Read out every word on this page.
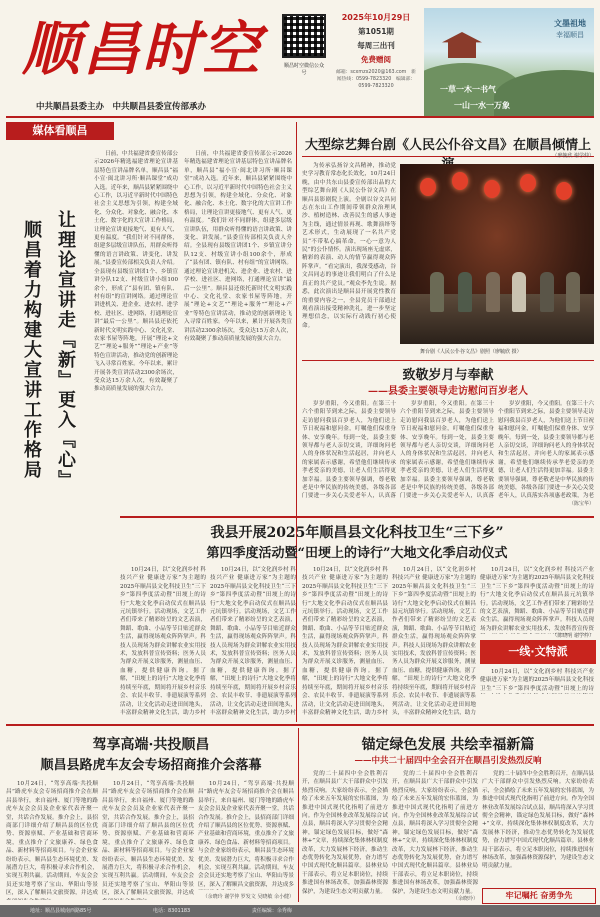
顺昌时空
中共顺昌县委主办　中共顺昌县委宣传部承办
顺昌时空微信公众号
2025年10月29日
第1051期
每周三出刊
免费赠阅
邮箱：scxmzx2020@163.com　新闻热线：0599-7823320　编辑部：0599-7823320
文墨祖地
幸福顺昌
一草一木一书气
一山一水一万象
媒体看顺昌
让理论宣讲走『新』更入『心』
顺昌着力构建大宣讲工作格局

日前，中共福建省委宣传部公示2026年精选福建省理论宣讲基层特色宣讲品牌名单，顺昌县“福小宣·闽北讲习所·顺昌课堂”成功入选。近年来，顺昌县紧紧围绕中心工作，以习近平新时代中国特色社会主义思想为引领，构建全域化、分众化、对象化、融合化、本土化、数字化的大宣讲工作格局，让理论宣讲更接地气、更有人气、更有温度。“我们针对不同群体，组建多层级宣讲队伍，用群众听得懂的语言讲政策、讲变化、讲发展。”县委宣传部相关负责人介绍。全县现有县级宣讲团1个、乡镇宣讲分队12支、村级宣讲小组100余个，形成了“县有团、镇有队、村有组”的宣讲网络。通过理论宣讲进机关、进企业、进农村、进学校、进社区、进网络，打通理论宣讲“最后一公里”。顺昌县还依托新时代文明实践中心、文化礼堂、农家书屋等阵地，开展“理论+文艺”“理论+服务”“理论+产业”等特色宣讲活动，推动党的创新理论飞入寻常百姓家。今年以来，累计开展各类宣讲活动2300余场次，受众达15万余人次，有效凝聚了推动高质量发展的强大合力。

日前，中共福建省委宣传部公示2026年精选福建省理论宣讲基层特色宣讲品牌名单，顺昌县“福小宣·闽北讲习所·顺昌课堂”成功入选。近年来，顺昌县紧紧围绕中心工作，以习近平新时代中国特色社会主义思想为引领，构建全域化、分众化、对象化、融合化、本土化、数字化的大宣讲工作格局，让理论宣讲更接地气、更有人气、更有温度。“我们针对不同群体，组建多层级宣讲队伍，用群众听得懂的语言讲政策、讲变化、讲发展。”县委宣传部相关负责人介绍。全县现有县级宣讲团1个、乡镇宣讲分队12支、村级宣讲小组100余个，形成了“县有团、镇有队、村有组”的宣讲网络。通过理论宣讲进机关、进企业、进农村、进学校、进社区、进网络，打通理论宣讲“最后一公里”。顺昌县还依托新时代文明实践中心、文化礼堂、农家书屋等阵地，开展“理论+文艺”“理论+服务”“理论+产业”等特色宣讲活动，推动党的创新理论飞入寻常百姓家。今年以来，累计开展各类宣讲活动2300余场次，受众达15万余人次，有效凝聚了推动高质量发展的强大合力。

大型综艺舞台剧《人民公仆谷文昌》在顺昌倾情上

为传承弘扬谷文昌精神，推动党史学习教育常态化长效化，10月24日晚，由中共东山县委宣传部出品的大型综艺舞台剧《人民公仆谷文昌》在顺昌县影剧院上演。全剧以谷文昌同志在东山工作期间带领群众治理风沙、植树造林、改善民生的感人事迹为主线，通过情景再现、歌舞演绎等艺术形式，生动展现了一名共产党员“不带私心搞革命，一心一意为人民”的公仆情怀。演出现场座无虚席，精彩的表演、动人的情节赢得观众阵阵掌声。“看完演出，我深受感动，谷文昌同志的事迹让我们明白了什么是真正的共产党员。”观众李先生说。据悉，此次演出是顺昌县开展党性教育的重要内容之一，全县党员干部通过观看演出接受精神洗礼，进一步坚定理想信念，以实际行动践行初心使命。

舞台剧《人民公仆谷文昌》剧照（廖毓欣 摄）
（廖毓欣 谢学仲）
致敬岁月与奉献
——县委主要领导走访慰问百岁老人

岁岁重阳，今又重阳。在第三十六个重阳节到来之际，县委主要领导走访慰问我县百岁老人，为他们送上节日祝福和慰问金，叮嘱他们保重身体、安享晚年。每到一处，县委主要领导都与老人亲切交谈，详细询问老人的身体状况和生活起居，并向老人的家属表示感谢，希望他们继续传承孝老爱亲的美德，让老人们生活得更加幸福。县委主要领导强调，尊老敬老是中华民族的传统美德，各级各部门要进一步关心关爱老年人，认真落

岁岁重阳，今又重阳。在第三十六个重阳节到来之际，县委主要领导走访慰问我县百岁老人，为他们送上节日祝福和慰问金，叮嘱他们保重身体、安享晚年。每到一处，县委主要领导都与老人亲切交谈，详细询问老人的身体状况和生活起居，并向老人的家属表示感谢，希望他们继续传承孝老爱亲的美德，让老人们生活得更加幸福。县委主要领导强调，尊老敬老是中华民族的传统美德，各级各部门要进一步关心关爱老年人，认真落

岁岁重阳，今又重阳。在第三十六个重阳节到来之际，县委主要领导走访慰问我县百岁老人，为他们送上节日祝福和慰问金，叮嘱他们保重身体、安享晚年。每到一处，县委主要领导都与老人亲切交谈，详细询问老人的身体状况和生活起居，并向老人的家属表示感谢，希望他们继续传承孝老爱亲的美德，让老人们生活得更加幸福。县委主要领导强调，尊老敬老是中华民族的传统美德，各级各部门要进一步关心关爱老年人，认真落实各项惠老政策，为老

（陈宝华）
我县开展2025年顺昌县文化科技卫生“三下乡”
第四季度活动暨“田埂上的诗行”大地文化季启动仪式

10月24日，以“文化润乡村 科技兴产业 健康进万家”为主题的2025年顺昌县文化科技卫生“三下乡”第四季度活动暨“田埂上的诗行”大地文化季启动仪式在顺昌县元坑镇举行。活动现场，文艺工作者们带来了精彩纷呈的文艺表演，舞蹈、歌曲、小品等节目贴近群众生活，赢得现场观众阵阵掌声。科技人员现场为群众讲解农业实用技术，发放科普宣传资料；医务人员为群众开展义诊服务，测量血压、血糖，提供健康咨询。据了解，“田埂上的诗行”大地文化季将持续至年底，期间将开展乡村音乐会、农民丰收节、非遗展演等系列活动，让文化活动走进田间地头，丰富群众精神文化生活，助力乡村

10月24日，以“文化润乡村 科技兴产业 健康进万家”为主题的2025年顺昌县文化科技卫生“三下乡”第四季度活动暨“田埂上的诗行”大地文化季启动仪式在顺昌县元坑镇举行。活动现场，文艺工作者们带来了精彩纷呈的文艺表演，舞蹈、歌曲、小品等节目贴近群众生活，赢得现场观众阵阵掌声。科技人员现场为群众讲解农业实用技术，发放科普宣传资料；医务人员为群众开展义诊服务，测量血压、血糖，提供健康咨询。据了解，“田埂上的诗行”大地文化季将持续至年底，期间将开展乡村音乐会、农民丰收节、非遗展演等系列活动，让文化活动走进田间地头，丰富群众精神文化生活，助力乡村

10月24日，以“文化润乡村 科技兴产业 健康进万家”为主题的2025年顺昌县文化科技卫生“三下乡”第四季度活动暨“田埂上的诗行”大地文化季启动仪式在顺昌县元坑镇举行。活动现场，文艺工作者们带来了精彩纷呈的文艺表演，舞蹈、歌曲、小品等节目贴近群众生活，赢得现场观众阵阵掌声。科技人员现场为群众讲解农业实用技术，发放科普宣传资料；医务人员为群众开展义诊服务，测量血压、血糖，提供健康咨询。据了解，“田埂上的诗行”大地文化季将持续至年底，期间将开展乡村音乐会、农民丰收节、非遗展演等系列活动，让文化活动走进田间地头，丰富群众精神文化生活，助力乡村

10月24日，以“文化润乡村 科技兴产业 健康进万家”为主题的2025年顺昌县文化科技卫生“三下乡”第四季度活动暨“田埂上的诗行”大地文化季启动仪式在顺昌县元坑镇举行。活动现场，文艺工作者们带来了精彩纷呈的文艺表演，舞蹈、歌曲、小品等节目贴近群众生活，赢得现场观众阵阵掌声。科技人员现场为群众讲解农业实用技术，发放科普宣传资料；医务人员为群众开展义诊服务，测量血压、血糖，提供健康咨询。据了解，“田埂上的诗行”大地文化季将持续至年底，期间将开展乡村音乐会、农民丰收节、非遗展演等系列活动，让文化活动走进田间地头，丰富群众精神文化生活，助力

10月24日，以“文化润乡村 科技兴产业 健康进万家”为主题的2025年顺昌县文化科技卫生“三下乡”第四季度活动暨“田埂上的诗行”大地文化季启动仪式在顺昌县元坑镇举行。活动现场，文艺工作者们带来了精彩纷呈的文艺表演，舞蹈、歌曲、小品等节目贴近群众生活，赢得现场观众阵阵掌声。科技人员现场为群众讲解农业实用技术，发放科普宣传资

（陈晓明 谢学仲）
一线·文特派

10月24日，以“文化润乡村 科技兴产业 健康进万家”为主题的2025年顺昌县文化科技卫生“三下乡”第四季度活动暨“田埂上的诗

驾享高端·共投顺昌
顺昌县路虎车友会专场招商推介会落幕

10月24日，“驾享高端·共投顺昌”路虎车友会专场招商推介会在顺昌县举行，来自福州、厦门等地的路虎车友会会员及企业家代表齐聚一堂，共话合作发展。推介会上，县招商部门详细介绍了顺昌县的区位优势、资源禀赋、产业基础和营商环境，重点推介了文旅康养、绿色食品、新材料等招商项目。与会企业家纷纷表示，顺昌县生态环境优美、发展潜力巨大，将积极寻求合作机会，实现互利共赢。活动期间，车友会会员还实地考察了宝山、华阳山等景区，深入了解顺昌文旅资源，并达成

10月24日，“驾享高端·共投顺昌”路虎车友会专场招商推介会在顺昌县举行，来自福州、厦门等地的路虎车友会会员及企业家代表齐聚一堂，共话合作发展。推介会上，县招商部门详细介绍了顺昌县的区位优势、资源禀赋、产业基础和营商环境，重点推介了文旅康养、绿色食品、新材料等招商项目。与会企业家纷纷表示，顺昌县生态环境优美、发展潜力巨大，将积极寻求合作机会，实现互利共赢。活动期间，车友会会员还实地考察了宝山、华阳山等景区，深入了解顺昌文旅资源，并达成

10月24日，“驾享高端·共投顺昌”路虎车友会专场招商推介会在顺昌县举行，来自福州、厦门等地的路虎车友会会员及企业家代表齐聚一堂，共话合作发展。推介会上，县招商部门详细介绍了顺昌县的区位优势、资源禀赋、产业基础和营商环境，重点推介了文旅康养、绿色食品、新材料等招商项目。与会企业家纷纷表示，顺昌县生态环境优美、发展潜力巨大，将积极寻求合作机会，实现互利共赢。活动期间，车友会会员还实地考察了宝山、华阳山等景区，深入了解顺昌文旅资源，并达成多

（余晓玲 谢学仲 罗发文 吴晓敏 余小健）
锚定绿色发展 共绘幸福新篇
——中共二十届四中全会召开在顺昌引发热烈反响

党的二十届四中全会胜利召开，在顺昌县广大干部群众中引发热烈反响。大家纷纷表示，全会描绘了未来五年发展的宏伟蓝图，为推进中国式现代化指明了前进方向。作为全国林业改革发展综合试点县，顺昌将深入学习贯彻全会精神，锚定绿色发展目标，做好“森林+”文章，持续深化集体林权制度改革，大力发展林下经济，推动生态优势转化为发展优势，奋力谱写中国式现代化顺昌篇章。县林业局干部表示，将立足本职岗位，持续推进国有林场改革，加强森林资源保护，为建设生态文明贡献力量。

党的二十届四中全会胜利召开，在顺昌县广大干部群众中引发热烈反响。大家纷纷表示，全会描绘了未来五年发展的宏伟蓝图，为推进中国式现代化指明了前进方向。作为全国林业改革发展综合试点县，顺昌将深入学习贯彻全会精神，锚定绿色发展目标，做好“森林+”文章，持续深化集体林权制度改革，大力发展林下经济，推动生态优势转化为发展优势，奋力谱写中国式现代化顺昌篇章。县林业局干部表示，将立足本职岗位，持续推进国有林场改革，加强森林资源保护，为建设生态文明贡献力量。

党的二十届四中全会胜利召开，在顺昌县广大干部群众中引发热烈反响。大家纷纷表示，全会描绘了未来五年发展的宏伟蓝图，为推进中国式现代化指明了前进方向。作为全国林业改革发展综合试点县，顺昌将深入学习贯彻全会精神，锚定绿色发展目标，做好“森林+”文章，持续深化集体林权制度改革，大力发展林下经济，推动生态优势转化为发展优势，奋力谱写中国式现代化顺昌篇章。县林业局干部表示，将立足本职岗位，持续推进国有林场改革，加强森林资源保护，为建设生态文明贡献力量。

（余晓玲）	牢记嘱托 奋勇争先
地址：顺昌县城南西路85号	电话：8301183	责任编辑：余秀梅
